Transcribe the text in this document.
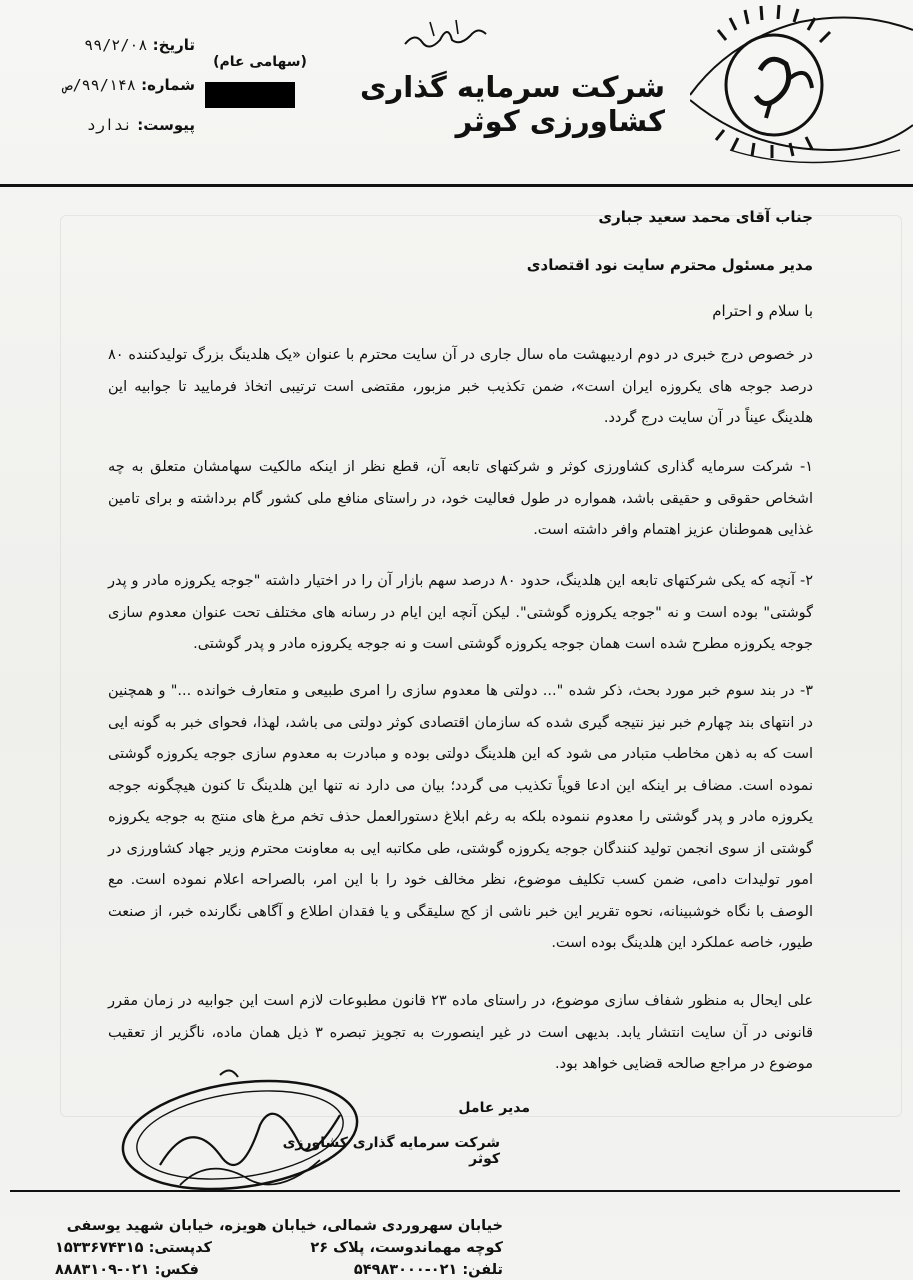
شرکت سرمایه گذاری کشاورزی کوثر
(سهامی عام)
تاریخ: ۹۹/۲/۰۸
شماره: ۹۹/۱۴۸/ص
پیوست: ندارد
جناب آقای محمد سعید جباری
مدیر مسئول محترم سایت نود اقتصادی
با سلام و احترام
در خصوص درج خبری در دوم اردیبهشت ماه سال جاری در آن سایت محترم با عنوان «یک هلدینگ بزرگ تولیدکننده ۸۰ درصد جوجه های یکروزه ایران است»، ضمن تکذیب خبر مزبور، مقتضی است ترتیبی اتخاذ فرمایید تا جوابیه این هلدینگ عیناً در آن سایت درج گردد.
۱- شرکت سرمایه گذاری کشاورزی کوثر و شرکتهای تابعه آن، قطع نظر از اینکه مالکیت سهامشان متعلق به چه اشخاص حقوقی و حقیقی باشد، همواره در طول فعالیت خود، در راستای منافع ملی کشور گام برداشته و برای تامین غذایی هموطنان عزیز اهتمام وافر داشته است.
۲- آنچه که یکی شرکتهای تابعه این هلدینگ، حدود ۸۰ درصد سهم بازار آن را در اختیار داشته "جوجه یکروزه مادر و پدر گوشتی" بوده است و نه "جوجه یکروزه گوشتی". لیکن آنچه این ایام در رسانه های مختلف تحت عنوان معدوم سازی جوجه یکروزه مطرح شده است همان جوجه یکروزه گوشتی است و نه جوجه یکروزه مادر و پدر گوشتی.
۳- در بند سوم خبر مورد بحث، ذکر شده "... دولتی ها معدوم سازی را امری طبیعی و متعارف خوانده ..." و همچنین در انتهای بند چهارم خبر نیز نتیجه گیری شده که سازمان اقتصادی کوثر دولتی می باشد، لهذا، فحوای خبر به گونه ایی است که به ذهن مخاطب متبادر می شود که این هلدینگ دولتی بوده و مبادرت به معدوم سازی جوجه یکروزه گوشتی نموده است. مضاف بر اینکه این ادعا قویاً تکذیب می گردد؛ بیان می دارد نه تنها این هلدینگ تا کنون هیچگونه جوجه یکروزه مادر و پدر گوشتی را معدوم ننموده بلکه به رغم ابلاغ دستورالعمل حذف تخم مرغ های منتج به جوجه یکروزه گوشتی از سوی انجمن تولید کنندگان جوجه یکروزه گوشتی، طی مکاتبه ایی به معاونت محترم وزیر جهاد کشاورزی در امور تولیدات دامی، ضمن کسب تکلیف موضوع، نظر مخالف خود را با این امر، بالصراحه اعلام نموده است. مع الوصف با نگاه خوشبینانه، نحوه تقریر این خبر ناشی از کج سلیقگی و یا فقدان اطلاع و آگاهی نگارنده خبر، از صنعت طیور، خاصه عملکرد این هلدینگ بوده است.
علی ایحال به منظور شفاف سازی موضوع، در راستای ماده ۲۳ قانون مطبوعات لازم است این جوابیه در زمان مقرر قانونی در آن سایت انتشار یابد. بدیهی است در غیر اینصورت به تجویز تبصره ۳ ذیل همان ماده، ناگزیر از تعقیب موضوع در مراجع صالحه قضایی خواهد بود.
مدیر عامل
شرکت سرمایه گذاری کشاورزی کوثر
خیابان سهروردی شمالی، خیابان هویزه، خیابان شهید یوسفی
کوچه مهماندوست، پلاک ۲۶
کدپستی: ۱۵۳۳۶۷۴۳۱۵
تلفن: ۰۲۱-۵۴۹۸۳۰۰۰
فکس: ۰۲۱-۸۸۸۳۱۰۹
